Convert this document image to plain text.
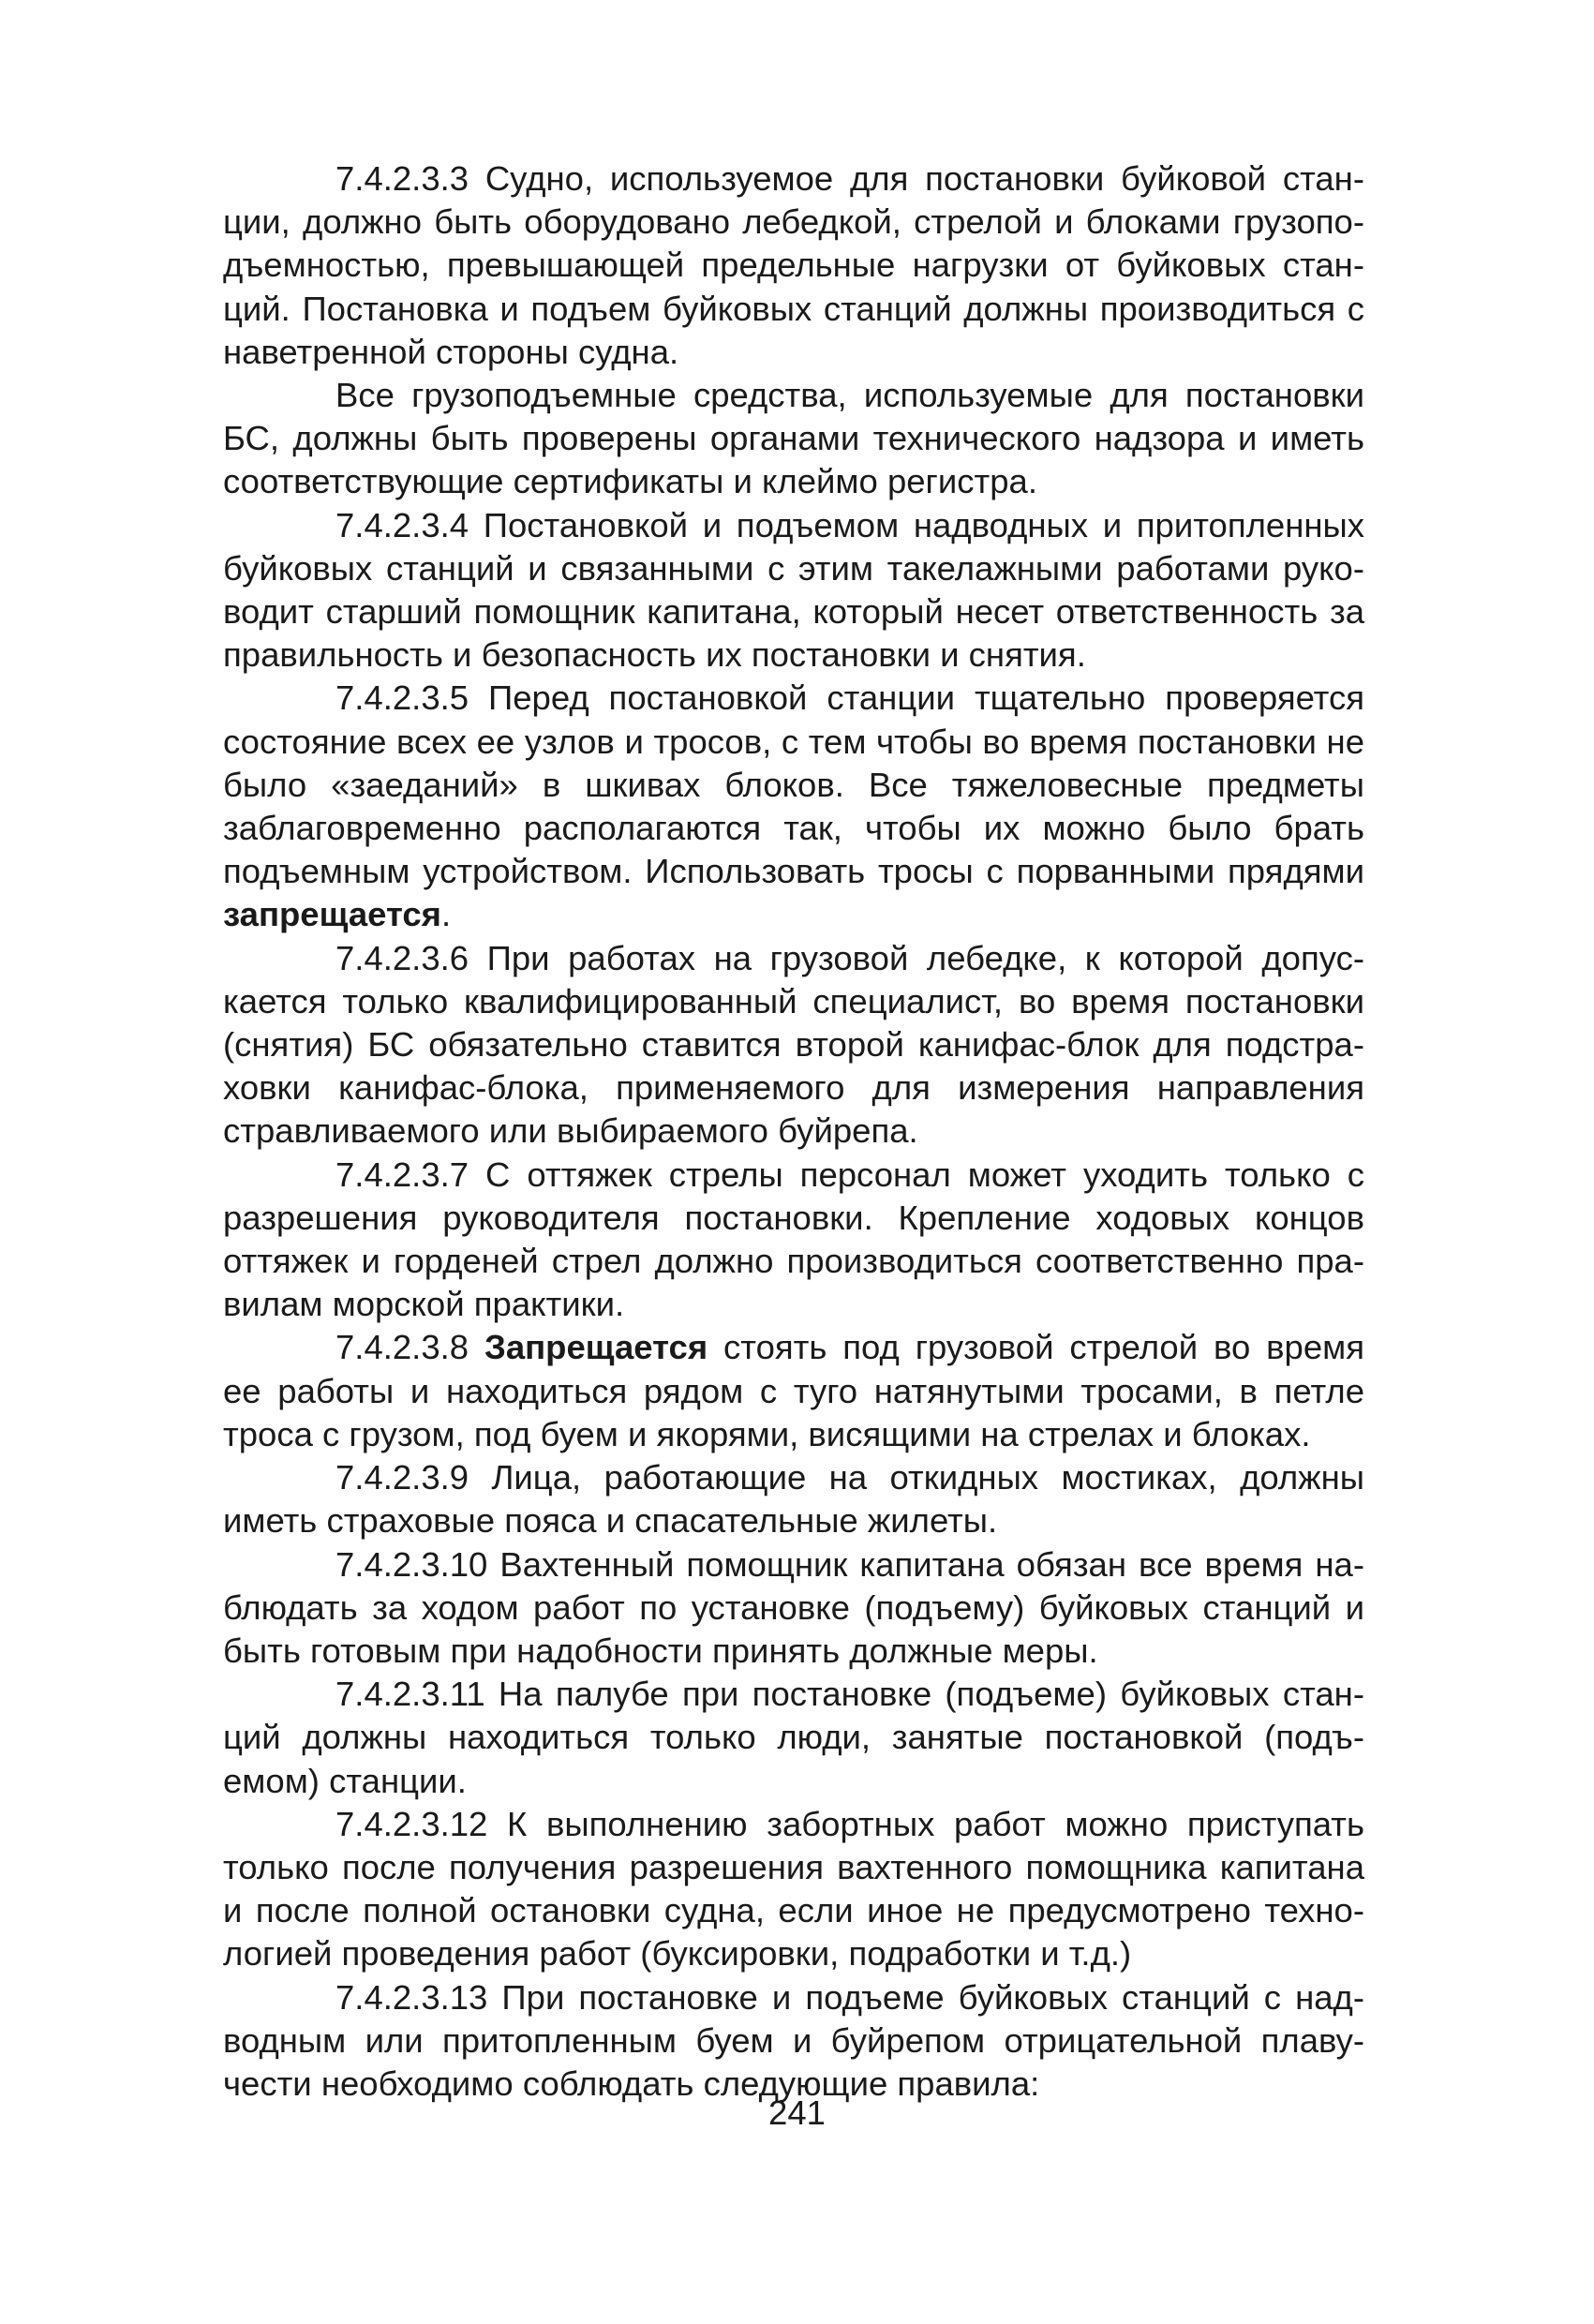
7.4.2.3.3 Судно, используемое для постановки буйковой станции, должно быть оборудовано лебедкой, стрелой и блоками грузоподъемностью, превышающей предельные нагрузки от буйковых станций. Постановка и подъем буйковых станций должны производиться с наветренной стороны судна.

Все грузоподъемные средства, используемые для постановки БС, должны быть проверены органами технического надзора и иметь соответствующие сертификаты и клеймо регистра.

7.4.2.3.4 Постановкой и подъемом надводных и притопленных буйковых станций и связанными с этим такелажными работами руководит старший помощник капитана, который несет ответственность за правильность и безопасность их постановки и снятия.

7.4.2.3.5 Перед постановкой станции тщательно проверяется состояние всех ее узлов и тросов, с тем чтобы во время постановки не было «заеданий» в шкивах блоков. Все тяжеловесные предметы заблаговременно располагаются так, чтобы их можно было брать подъемным устройством. Использовать тросы с порванными прядями запрещается.

7.4.2.3.6 При работах на грузовой лебедке, к которой допускается только квалифицированный специалист, во время постановки (снятия) БС обязательно ставится второй канифас-блок для подстраховки канифас-блока, применяемого для измерения направления стравливаемого или выбираемого буйрепа.

7.4.2.3.7 С оттяжек стрелы персонал может уходить только с разрешения руководителя постановки. Крепление ходовых концов оттяжек и горденей стрел должно производиться соответственно правилам морской практики.

7.4.2.3.8 Запрещается стоять под грузовой стрелой во время ее работы и находиться рядом с туго натянутыми тросами, в петле троса с грузом, под буем и якорями, висящими на стрелах и блоках.

7.4.2.3.9 Лица, работающие на откидных мостиках, должны иметь страховые пояса и спасательные жилеты.

7.4.2.3.10 Вахтенный помощник капитана обязан все время наблюдать за ходом работ по установке (подъему) буйковых станций и быть готовым при надобности принять должные меры.

7.4.2.3.11 На палубе при постановке (подъеме) буйковых станций должны находиться только люди, занятые постановкой (подъемом) станции.

7.4.2.3.12 К выполнению забортных работ можно приступать только после получения разрешения вахтенного помощника капитана и после полной остановки судна, если иное не предусмотрено технологией проведения работ (буксировки, подработки и т.д.)

7.4.2.3.13 При постановке и подъеме буйковых станций с надводным или притопленным буем и буйрепом отрицательной плавучести необходимо соблюдать следующие правила:

241
